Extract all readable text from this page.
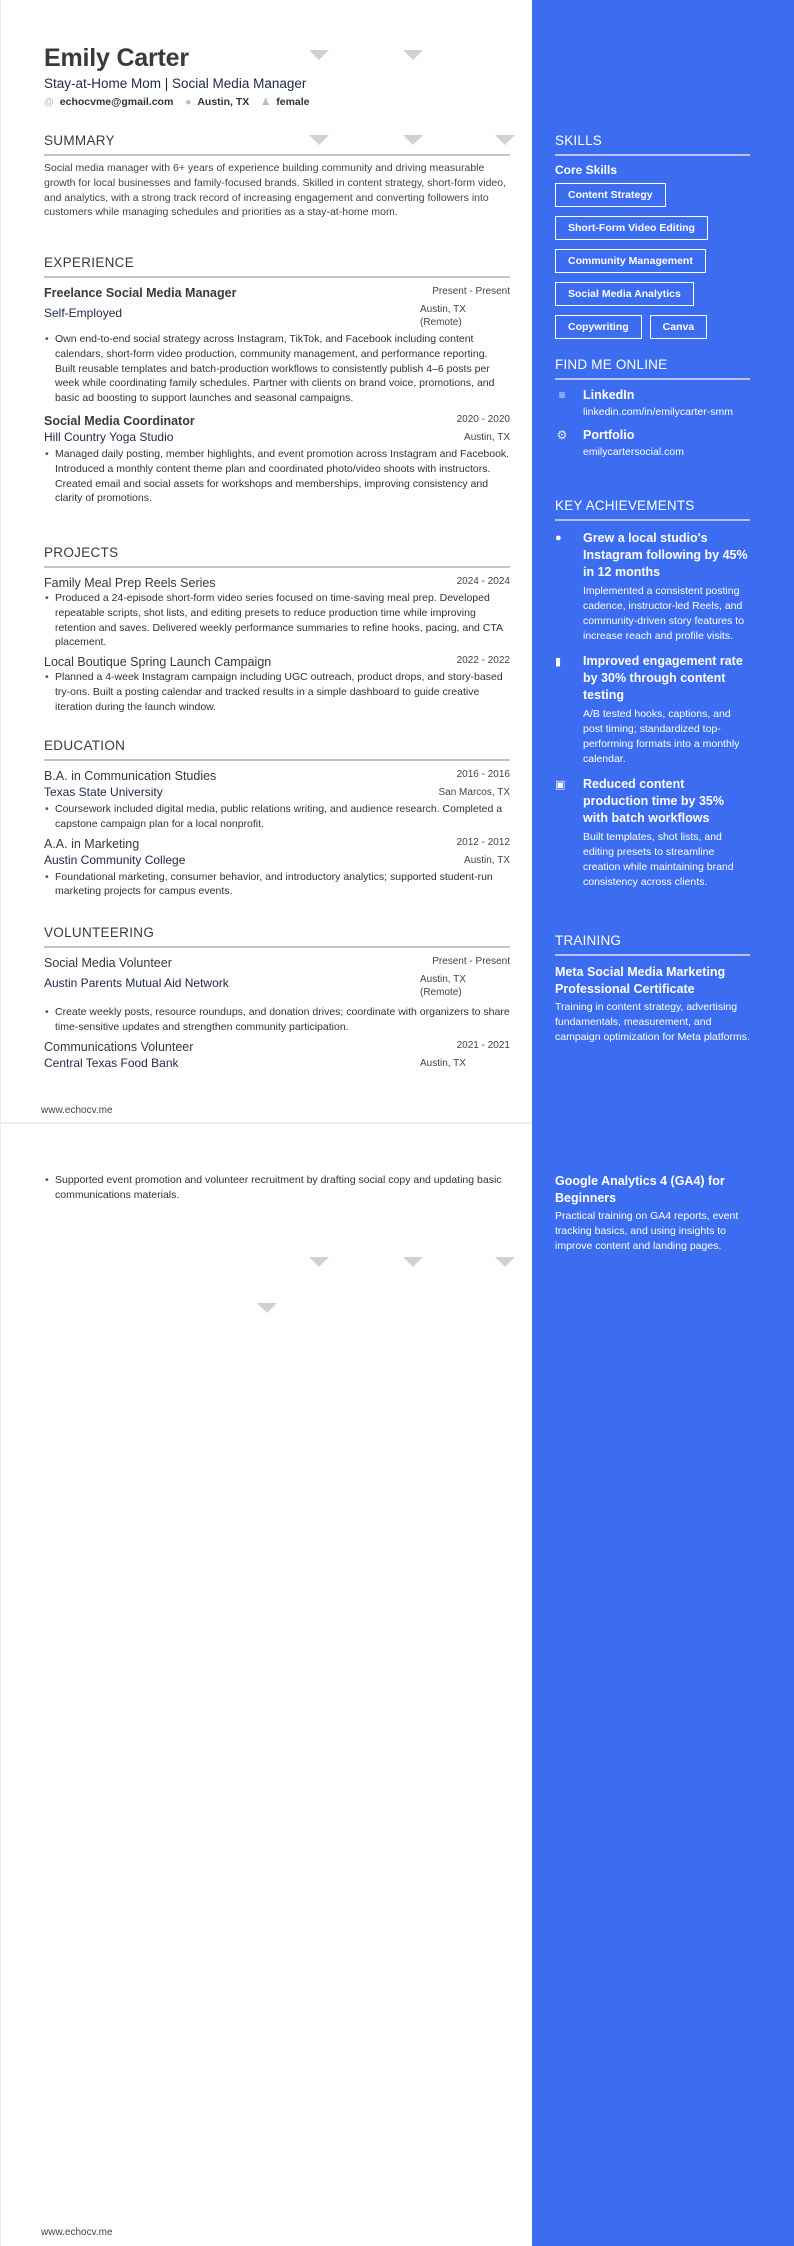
Emily Carter
Stay-at-Home Mom | Social Media Manager
@ echocvme@gmail.com ● Austin, TX ♟ female
SUMMARY
Social media manager with 6+ years of experience building community and driving measurable growth for local businesses and family-focused brands. Skilled in content strategy, short-form video, and analytics, with a strong track record of increasing engagement and converting followers into customers while managing schedules and priorities as a stay-at-home mom.
EXPERIENCE
Freelance Social Media Manager	Present - Present
Self-Employed	Austin, TX (Remote)
• Own end-to-end social strategy across Instagram, TikTok, and Facebook including content calendars, short-form video production, community management, and performance reporting. Built reusable templates and batch-production workflows to consistently publish 4–6 posts per week while coordinating family schedules. Partner with clients on brand voice, promotions, and basic ad boosting to support launches and seasonal campaigns.
Social Media Coordinator	2020 - 2020
Hill Country Yoga Studio	Austin, TX
• Managed daily posting, member highlights, and event promotion across Instagram and Facebook. Introduced a monthly content theme plan and coordinated photo/video shoots with instructors. Created email and social assets for workshops and memberships, improving consistency and clarity of promotions.
PROJECTS
Family Meal Prep Reels Series	2024 - 2024
• Produced a 24-episode short-form video series focused on time-saving meal prep. Developed repeatable scripts, shot lists, and editing presets to reduce production time while improving retention and saves. Delivered weekly performance summaries to refine hooks, pacing, and CTA placement.
Local Boutique Spring Launch Campaign	2022 - 2022
• Planned a 4-week Instagram campaign including UGC outreach, product drops, and story-based try-ons. Built a posting calendar and tracked results in a simple dashboard to guide creative iteration during the launch window.
EDUCATION
B.A. in Communication Studies	2016 - 2016
Texas State University	San Marcos, TX
• Coursework included digital media, public relations writing, and audience research. Completed a capstone campaign plan for a local nonprofit.
A.A. in Marketing	2012 - 2012
Austin Community College	Austin, TX
• Foundational marketing, consumer behavior, and introductory analytics; supported student-run marketing projects for campus events.
VOLUNTEERING
Social Media Volunteer	Present - Present
Austin Parents Mutual Aid Network	Austin, TX (Remote)
• Create weekly posts, resource roundups, and donation drives; coordinate with organizers to share time-sensitive updates and strengthen community participation.
Communications Volunteer	2021 - 2021
Central Texas Food Bank	Austin, TX
• Supported event promotion and volunteer recruitment by drafting social copy and updating basic communications materials.
www.echocv.me
www.echocv.me
SKILLS
Core Skills
Content Strategy
Short-Form Video Editing
Community Management
Social Media Analytics
Copywriting	Canva
FIND ME ONLINE
≡ LinkedIn
linkedin.com/in/emilycarter-smm
⚙ Portfolio
emilycartersocial.com
KEY ACHIEVEMENTS
●	Grew a local studio's Instagram following by 45% in 12 months
Implemented a consistent posting cadence, instructor-led Reels, and community-driven story features to increase reach and profile visits.
▮	Improved engagement rate by 30% through content testing
A/B tested hooks, captions, and post timing; standardized top-performing formats into a monthly calendar.
▣	Reduced content production time by 35% with batch workflows
Built templates, shot lists, and editing presets to streamline creation while maintaining brand consistency across clients.
TRAINING
Meta Social Media Marketing Professional Certificate
Training in content strategy, advertising fundamentals, measurement, and campaign optimization for Meta platforms.
Google Analytics 4 (GA4) for Beginners
Practical training on GA4 reports, event tracking basics, and using insights to improve content and landing pages.
